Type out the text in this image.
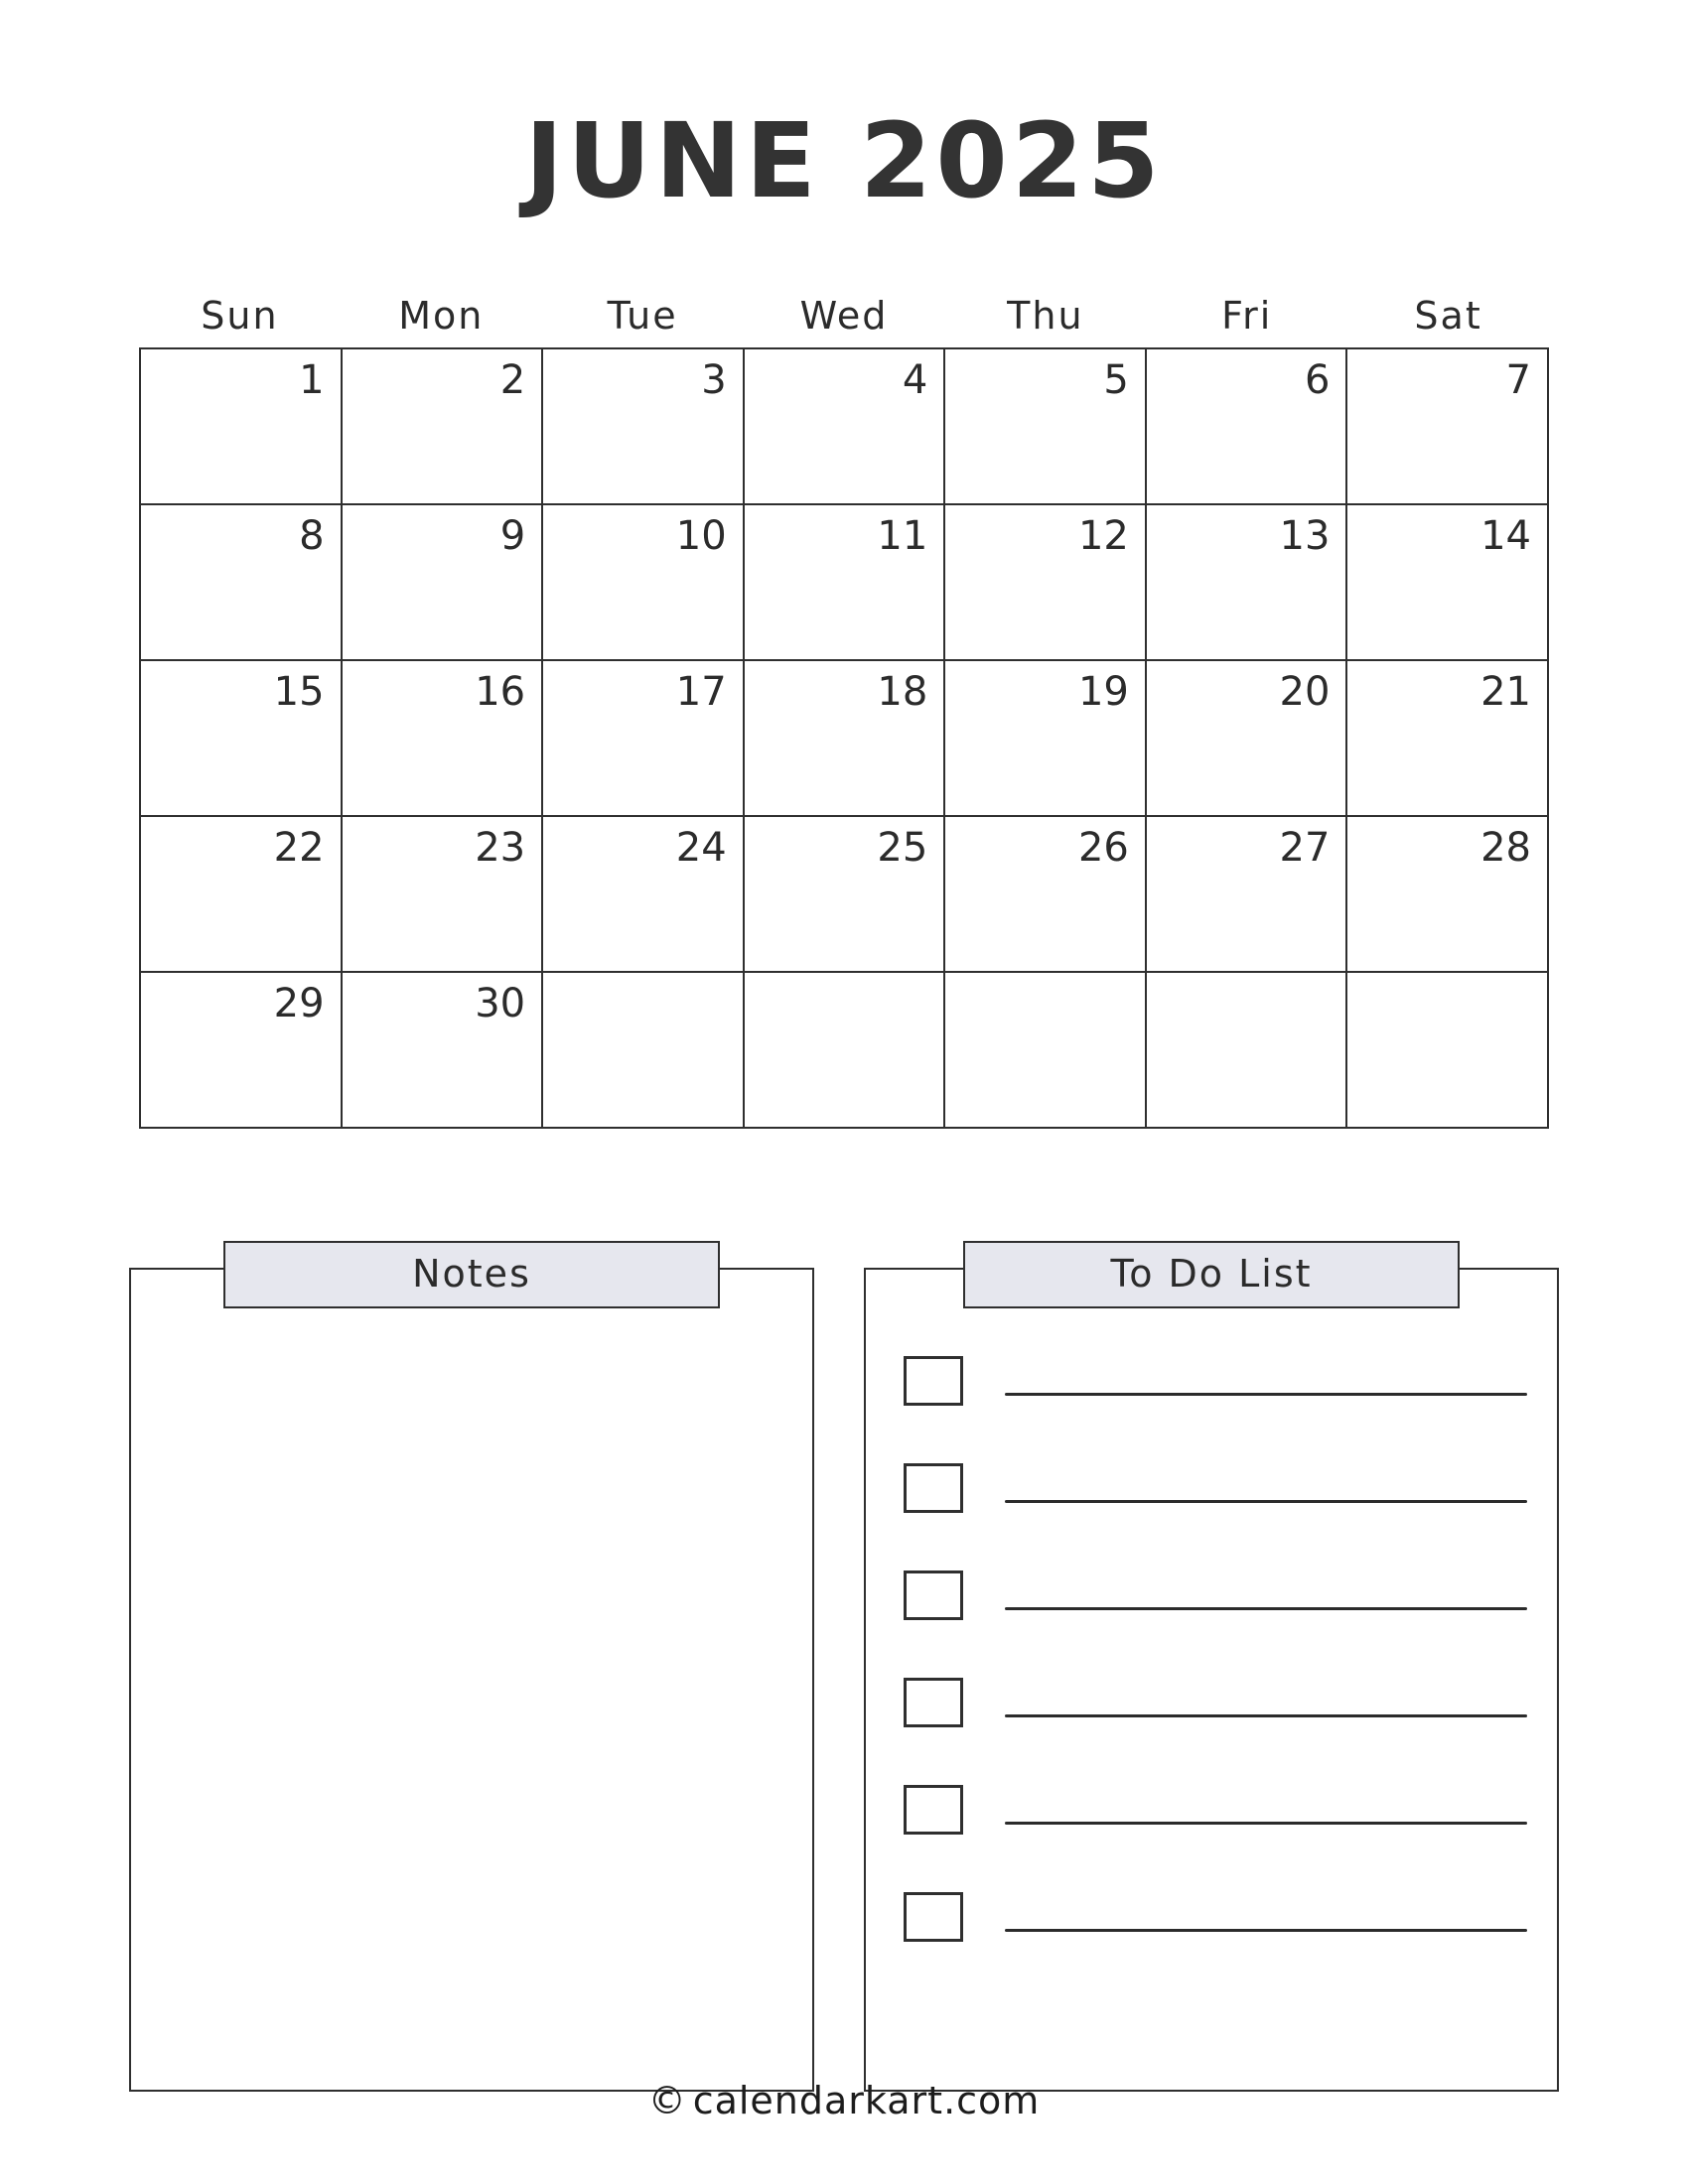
JUNE 2025
Sun	Mon	Tue	Wed	Thu	Fri	Sat
1	2	3	4	5	6	7
8	9	10	11	12	13	14
15	16	17	18	19	20	21
22	23	24	25	26	27	28
29	30
Notes	To Do List
© calendarkart.com
